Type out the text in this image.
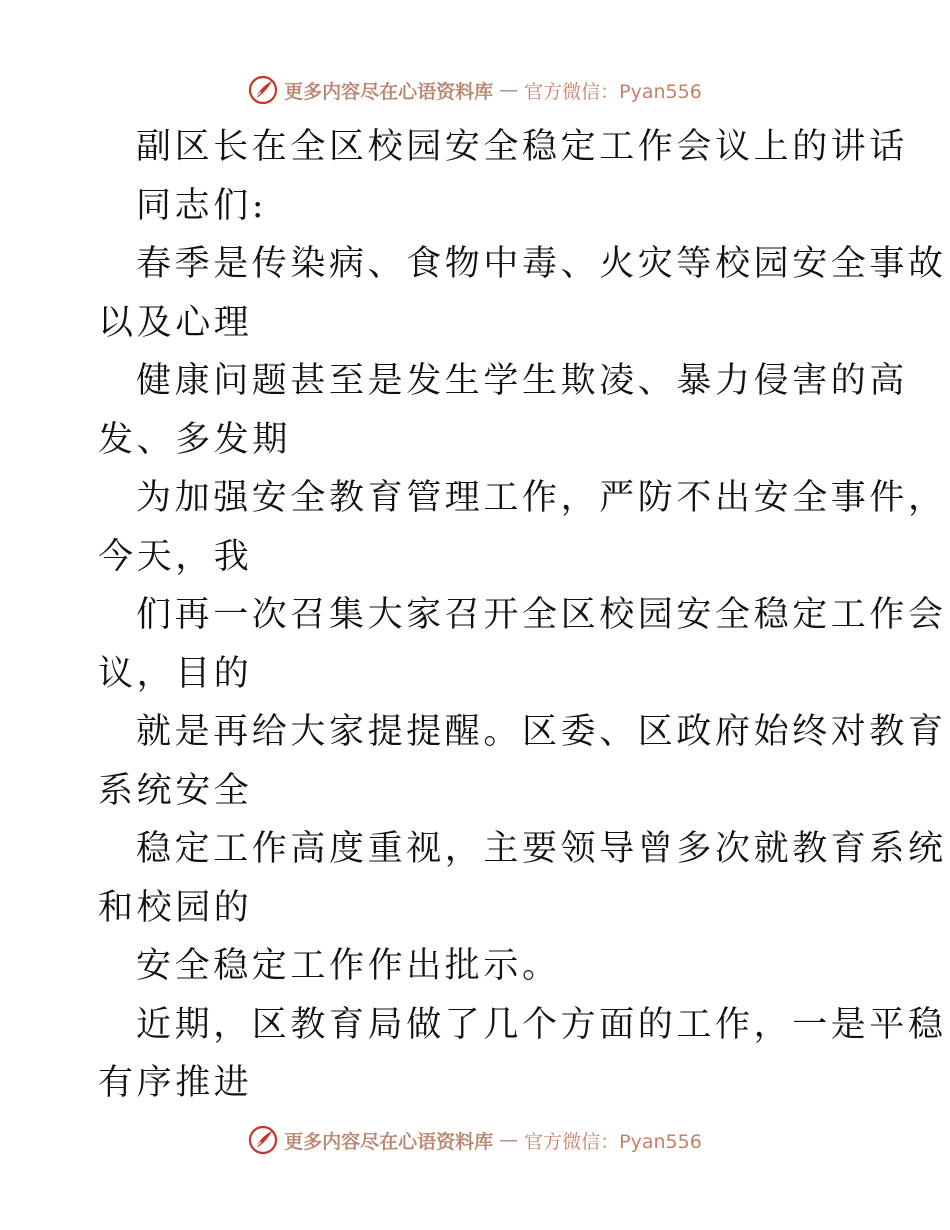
更多内容尽在心语资料库 — 官方微信：Pyan556
副区长在全区校园安全稳定工作会议上的讲话
同志们:
春季是传染病、食物中毒、火灾等校园安全事故
以及心理
健康问题甚至是发生学生欺凌、暴力侵害的高
发、多发期
为加强安全教育管理工作，严防不出安全事件，
今天，我
们再一次召集大家召开全区校园安全稳定工作会
议，目的
就是再给大家提提醒。区委、区政府始终对教育
系统安全
稳定工作高度重视，主要领导曾多次就教育系统
和校园的
安全稳定工作作出批示。
近期，区教育局做了几个方面的工作，一是平稳
有序推进
更多内容尽在心语资料库 — 官方微信：Pyan556
